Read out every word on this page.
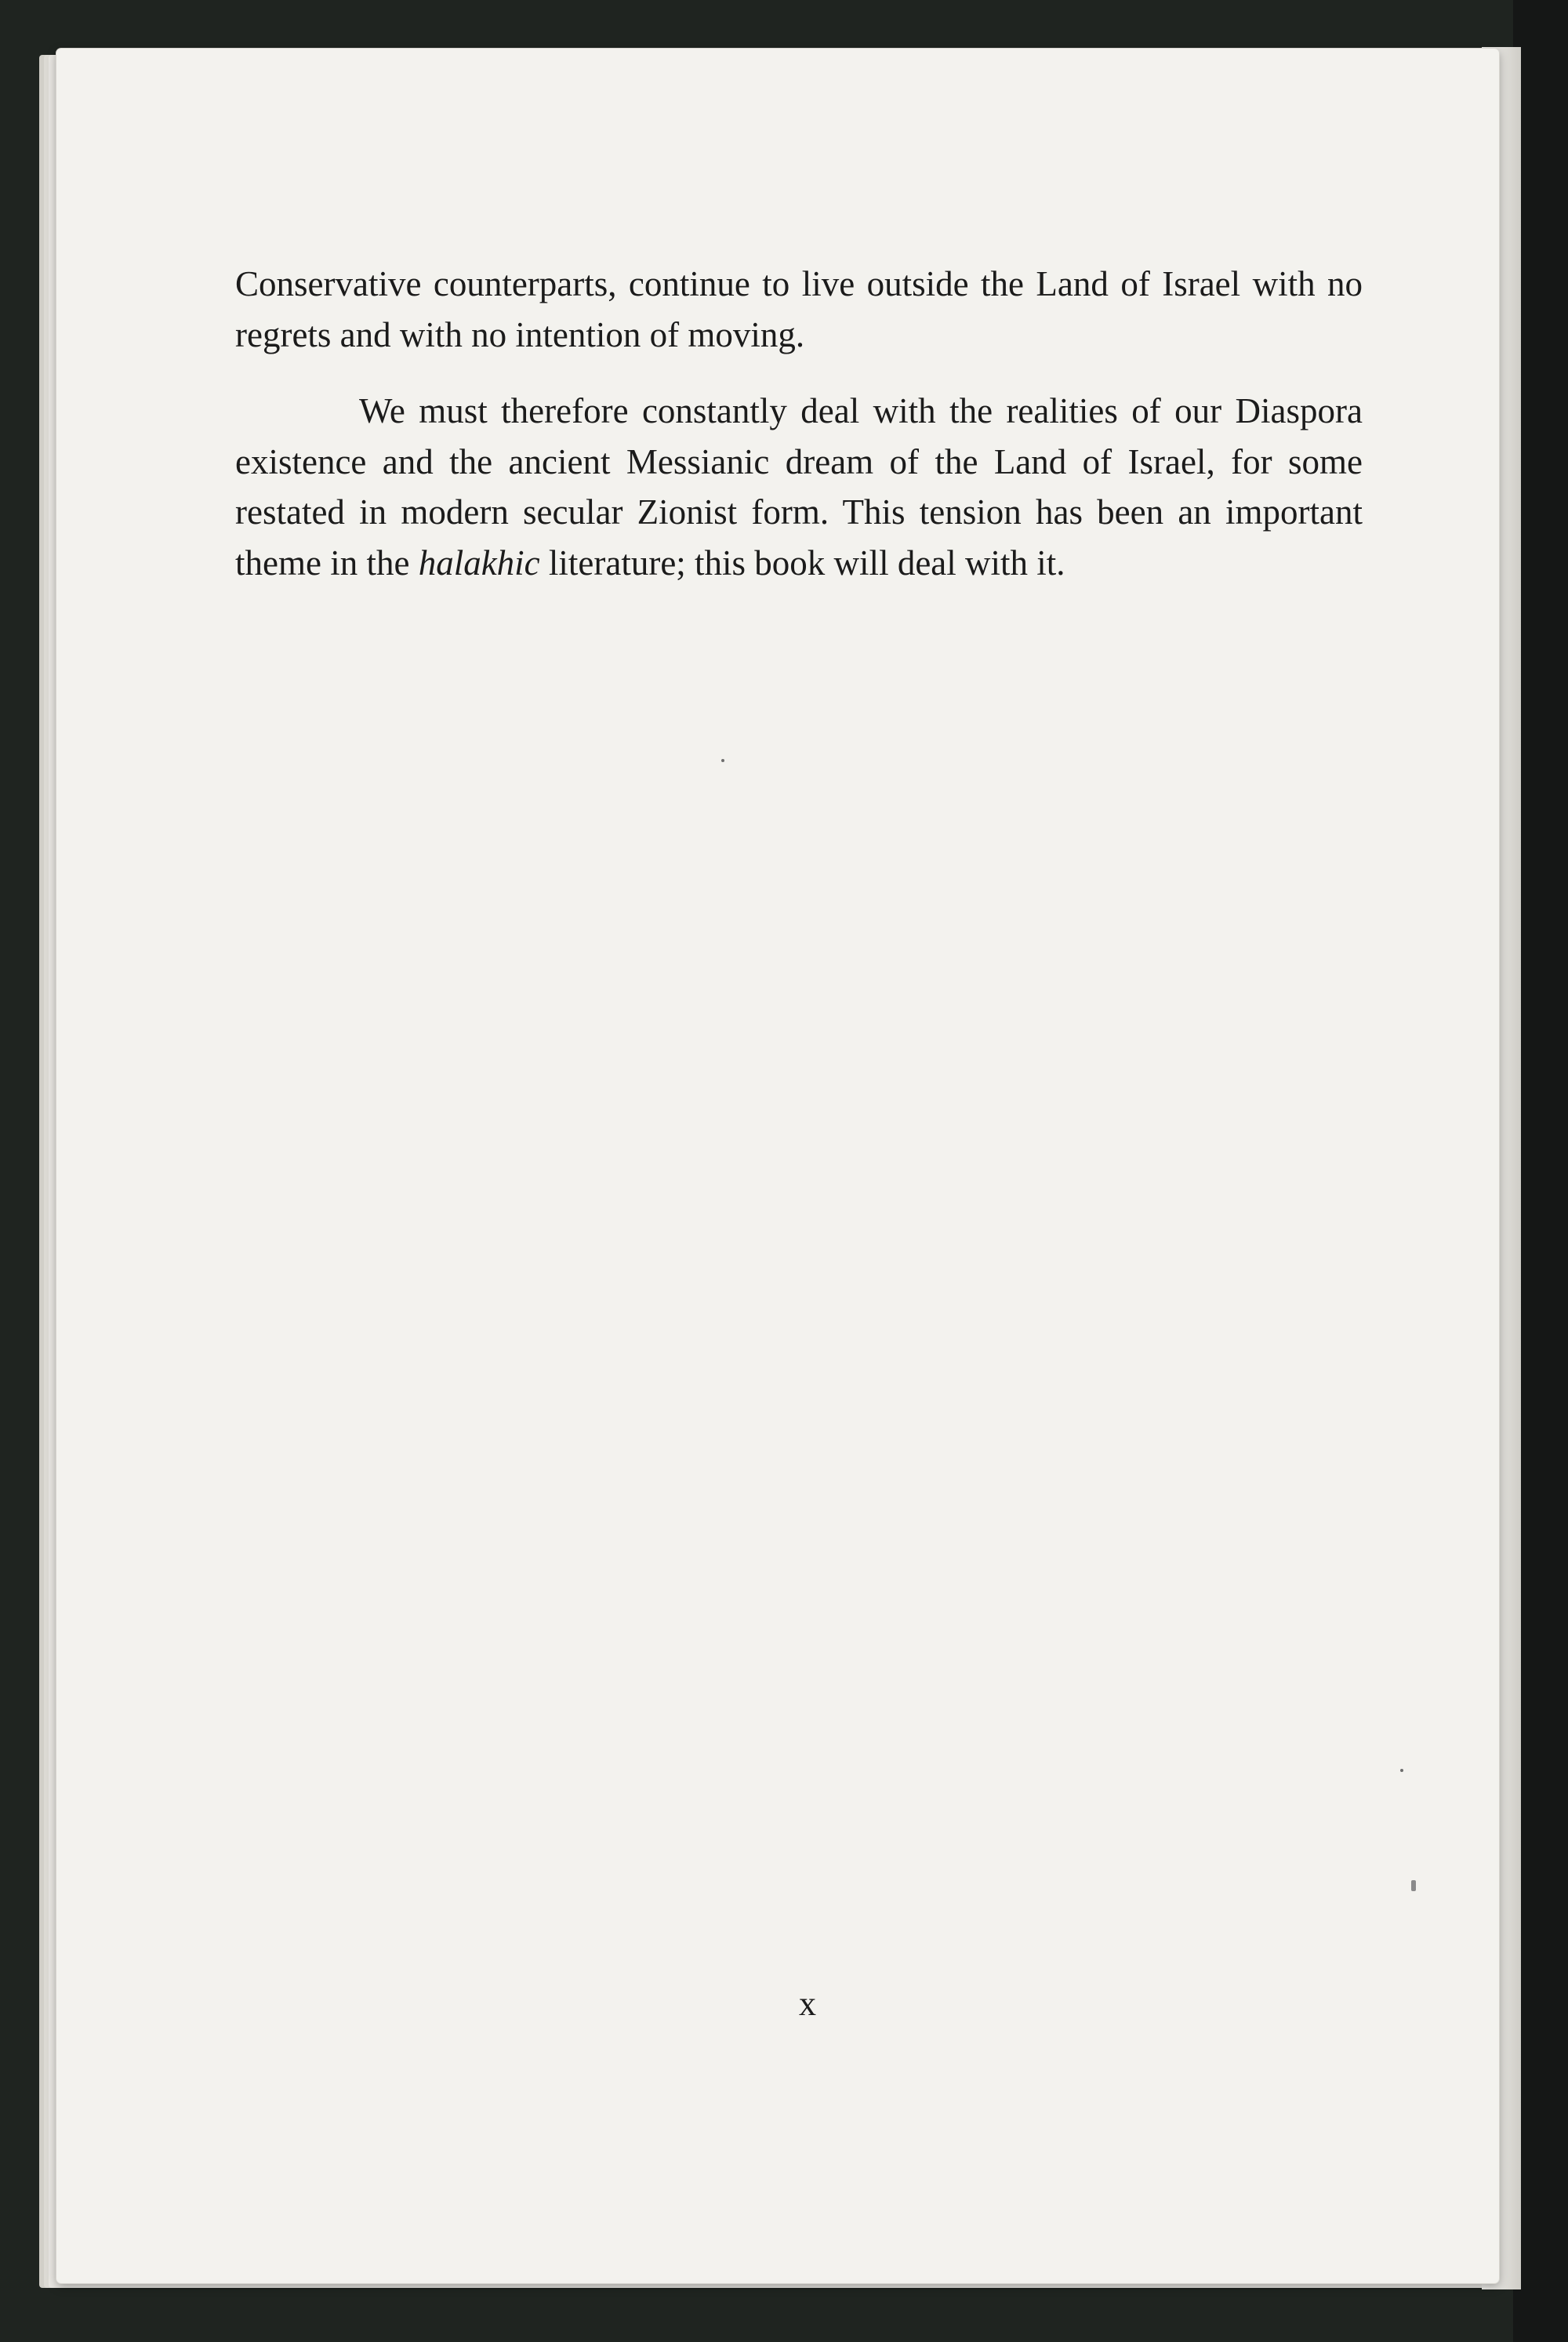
Conservative counterparts, continue to live outside the Land of Israel with no regrets and with no intention of moving.

We must therefore constantly deal with the realities of our Diaspora existence and the ancient Messianic dream of the Land of Israel, for some restated in modern secular Zionist form. This tension has been an important theme in the halakhic literature; this book will deal with it.

x
